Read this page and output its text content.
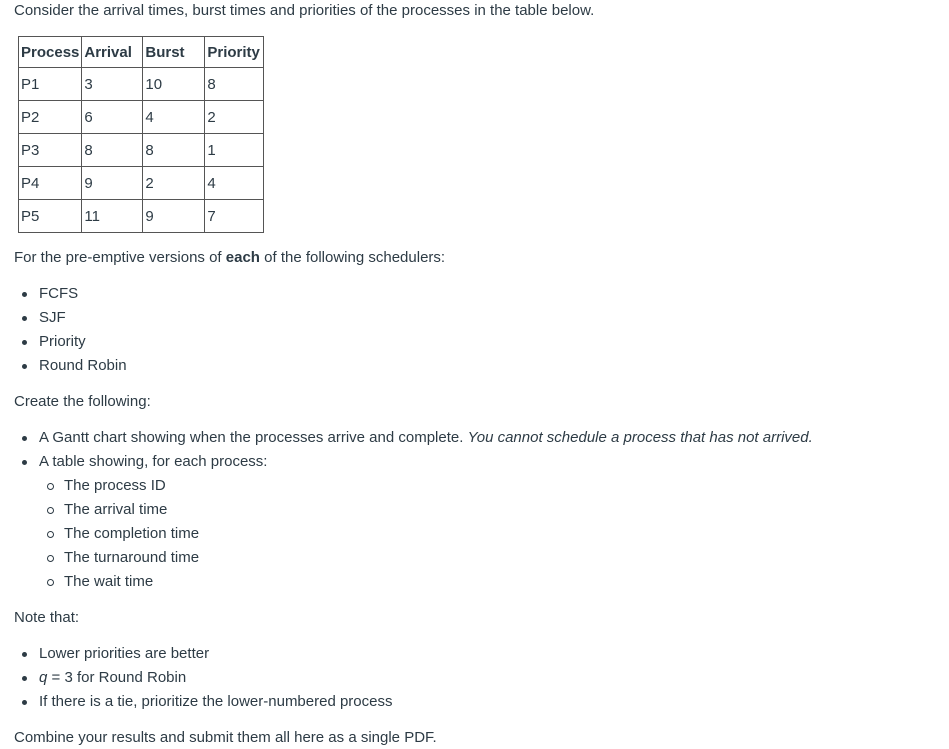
Consider the arrival times, burst times and priorities of the processes in the table below.

Process	Arrival	Burst	Priority
P1	3	10	8
P2	6	4	2
P3	8	8	1
P4	9	2	4
P5	11	9	7

For the pre-emptive versions of each of the following schedulers:

FCFS
SJF
Priority
Round Robin

Create the following:

A Gantt chart showing when the processes arrive and complete. You cannot schedule a process that has not arrived.
A table showing, for each process:
The process ID
The arrival time
The completion time
The turnaround time
The wait time

Note that:

Lower priorities are better
q = 3 for Round Robin
If there is a tie, prioritize the lower-numbered process

Combine your results and submit them all here as a single PDF.
